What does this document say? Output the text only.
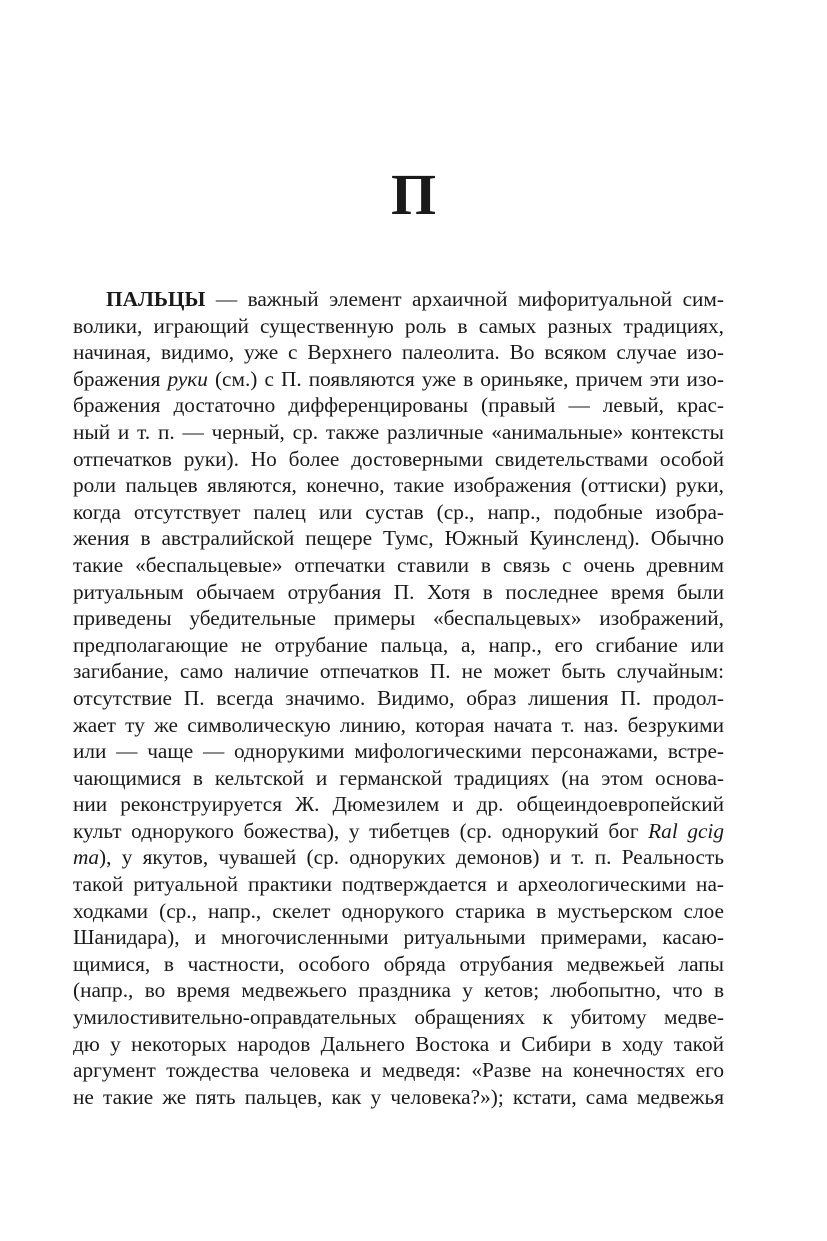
П
ПАЛЬЦЫ — важный элемент архаичной мифоритуальной сим-
волики, играющий существенную роль в самых разных традициях,
начиная, видимо, уже с Верхнего палеолита. Во всяком случае изо-
бражения руки (см.) с П. появляются уже в ориньяке, причем эти изо-
бражения достаточно дифференцированы (правый — левый, крас-
ный и т. п. — черный, ср. также различные «анимальные» контексты
отпечатков руки). Но более достоверными свидетельствами особой
роли пальцев являются, конечно, такие изображения (оттиски) руки,
когда отсутствует палец или сустав (ср., напр., подобные изобра-
жения в австралийской пещере Тумс, Южный Куинсленд). Обычно
такие «беспальцевые» отпечатки ставили в связь с очень древним
ритуальным обычаем отрубания П. Хотя в последнее время были
приведены убедительные примеры «беспальцевых» изображений,
предполагающие не отрубание пальца, а, напр., его сгибание или
загибание, само наличие отпечатков П. не может быть случайным:
отсутствие П. всегда значимо. Видимо, образ лишения П. продол-
жает ту же символическую линию, которая начата т. наз. безрукими
или — чаще — однорукими мифологическими персонажами, встре-
чающимися в кельтской и германской традициях (на этом основа-
нии реконструируется Ж. Дюмезилем и др. общеиндоевропейский
культ однорукого божества), у тибетцев (ср. однорукий бог Ral gcig
ma), у якутов, чувашей (ср. одноруких демонов) и т. п. Реальность
такой ритуальной практики подтверждается и археологическими на-
ходками (ср., напр., скелет однорукого старика в мустьерском слое
Шанидара), и многочисленными ритуальными примерами, касаю-
щимися, в частности, особого обряда отрубания медвежьей лапы
(напр., во время медвежьего праздника у кетов; любопытно, что в
умилостивительно-оправдательных обращениях к убитому медве-
дю у некоторых народов Дальнего Востока и Сибири в ходу такой
аргумент тождества человека и медведя: «Разве на конечностях его
не такие же пять пальцев, как у человека?»); кстати, сама медвежья
